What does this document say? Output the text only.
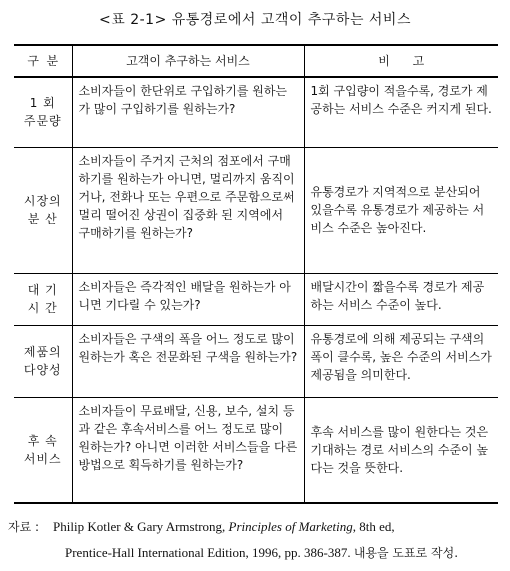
<표 2-1> 유통경로에서 고객이 추구하는 서비스
구  분	고객이 추구하는 서비스	비      고
1 회
주문량	소비자들이 한단위로 구입하기를 원하는가 많이 구입하기를 원하는가?	1회 구입량이 적을수록, 경로가 제공하는 서비스 수준은 커지게 된다.
시장의
분 산	소비자들이 주거지 근처의 점포에서 구매하기를 원하는가 아니면, 멀리까지 움직이거나, 전화나 또는 우편으로 주문함으로써 멀리 떨어진 상권이 집중화 된 지역에서 구매하기를 원하는가?	유통경로가 지역적으로 분산되어 있을수록 유통경로가 제공하는 서비스 수준은 높아진다.
대 기
시 간	소비자들은 즉각적인 배달을 원하는가 아니면 기다릴 수 있는가?	배달시간이 짧을수록 경로가 제공하는 서비스 수준이 높다.
제품의
다양성	소비자들은 구색의 폭을 어느 정도로 많이 원하는가 혹은 전문화된 구색을 원하는가?	유통경로에 의해 제공되는 구색의 폭이 클수록, 높은 수준의 서비스가 제공됨을 의미한다.
후 속
서비스	소비자들이 무료배달, 신용, 보수, 설치 등과 같은 후속서비스를 어느 정도로 많이 원하는가? 아니면 이러한 서비스들을 다른 방법으로 획득하기를 원하는가?	후속 서비스를 많이 원한다는 것은 기대하는 경로 서비스의 수준이 높다는 것을 뜻한다.
자료 : Philip Kotler & Gary Armstrong, Principles of Marketing, 8th ed,
Prentice-Hall International Edition, 1996, pp. 386-387. 내용을 도표로 작성.
